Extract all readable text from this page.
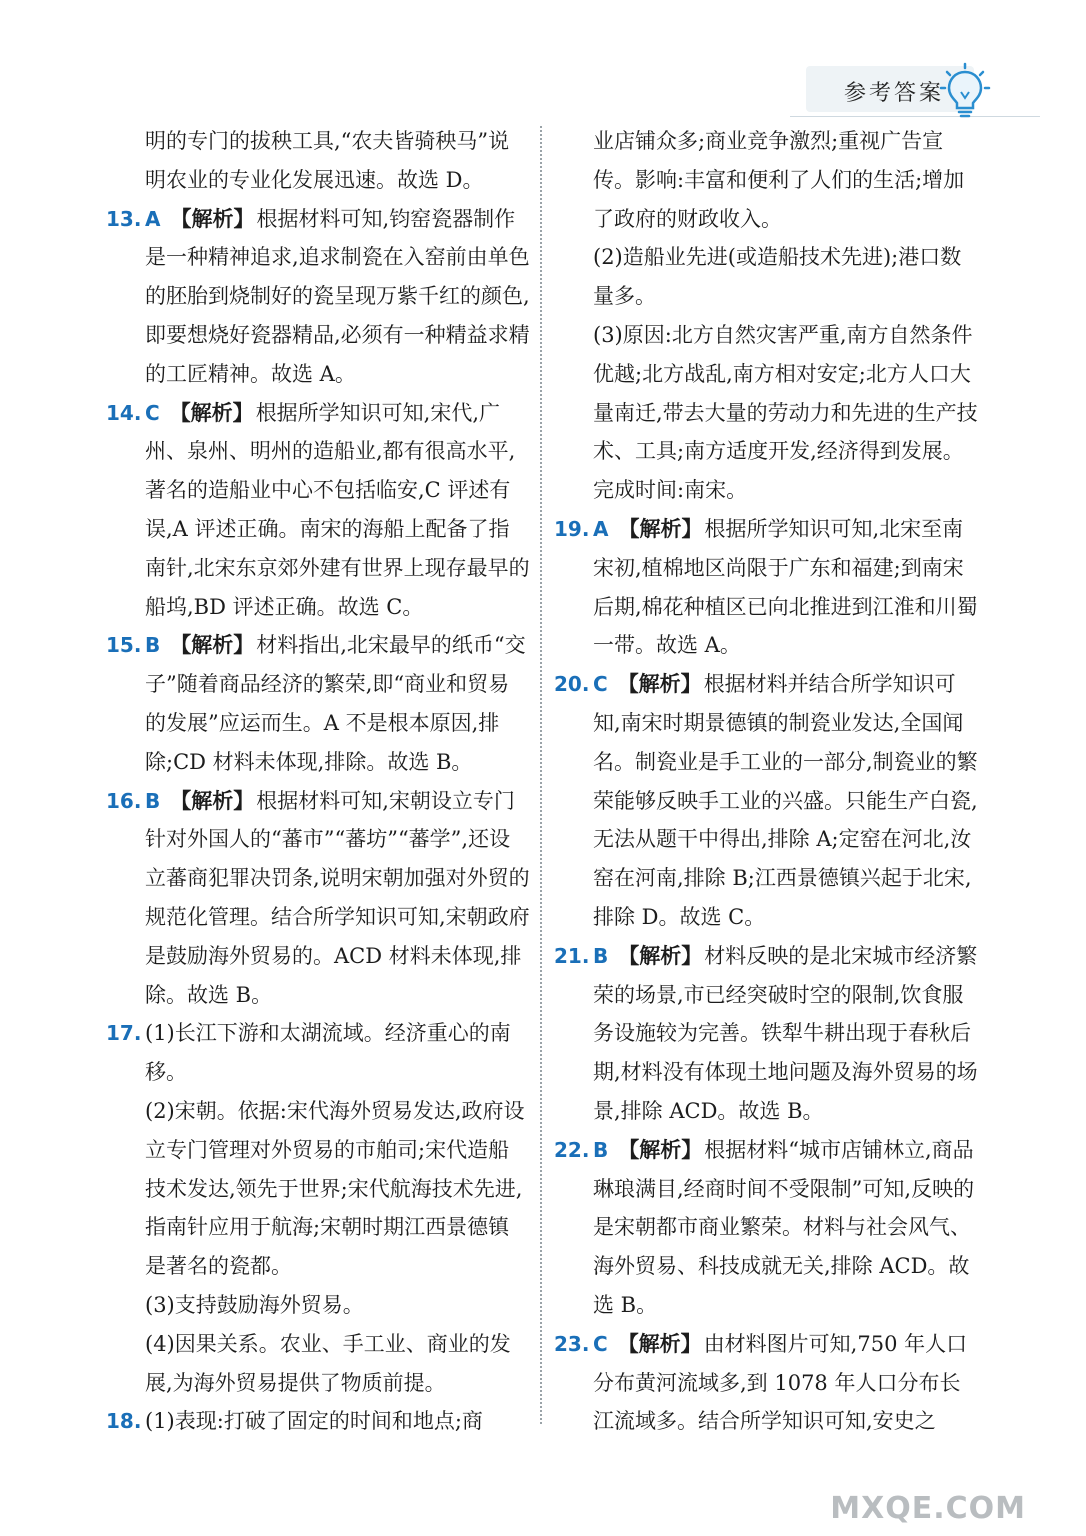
参考答案

明的专门的拔秧工具,“农夫皆骑秧马”说明农业的专业化发展迅速。故选 D。

13. A 【解析】根据材料可知,钧窑瓷器制作是一种精神追求,追求制瓷在入窑前由单色的胚胎到烧制好的瓷呈现万紫千红的颜色,即要想烧好瓷器精品,必须有一种精益求精的工匠精神。故选 A。

14. C 【解析】根据所学知识可知,宋代,广州、泉州、明州的造船业,都有很高水平,著名的造船业中心不包括临安,C 评述有误,A 评述正确。南宋的海船上配备了指南针,北宋东京郊外建有世界上现存最早的船坞,BD 评述正确。故选 C。

15. B 【解析】材料指出,北宋最早的纸币“交子”随着商品经济的繁荣,即“商业和贸易的发展”应运而生。A 不是根本原因,排除;CD 材料未体现,排除。故选 B。

16. B 【解析】根据材料可知,宋朝设立专门针对外国人的“蕃市”“蕃坊”“蕃学”,还设立蕃商犯罪决罚条,说明宋朝加强对外贸的规范化管理。结合所学知识可知,宋朝政府是鼓励海外贸易的。ACD 材料未体现,排除。故选 B。

17. (1)长江下游和太湖流域。经济重心的南移。

(2)宋朝。依据:宋代海外贸易发达,政府设立专门管理对外贸易的市舶司;宋代造船技术发达,领先于世界;宋代航海技术先进,指南针应用于航海;宋朝时期江西景德镇是著名的瓷都。

(3)支持鼓励海外贸易。

(4)因果关系。农业、手工业、商业的发展,为海外贸易提供了物质前提。

18. (1)表现:打破了固定的时间和地点;商

业店铺众多;商业竞争激烈;重视广告宣传。影响:丰富和便利了人们的生活;增加了政府的财政收入。

(2)造船业先进(或造船技术先进);港口数量多。

(3)原因:北方自然灾害严重,南方自然条件优越;北方战乱,南方相对安定;北方人口大量南迁,带去大量的劳动力和先进的生产技术、工具;南方适度开发,经济得到发展。完成时间:南宋。

19. A 【解析】根据所学知识可知,北宋至南宋初,植棉地区尚限于广东和福建;到南宋后期,棉花种植区已向北推进到江淮和川蜀一带。故选 A。

20. C 【解析】根据材料并结合所学知识可知,南宋时期景德镇的制瓷业发达,全国闻名。制瓷业是手工业的一部分,制瓷业的繁荣能够反映手工业的兴盛。只能生产白瓷,无法从题干中得出,排除 A;定窑在河北,汝窑在河南,排除 B;江西景德镇兴起于北宋,排除 D。故选 C。

21. B 【解析】材料反映的是北宋城市经济繁荣的场景,市已经突破时空的限制,饮食服务设施较为完善。铁犁牛耕出现于春秋后期,材料没有体现土地问题及海外贸易的场景,排除 ACD。故选 B。

22. B 【解析】根据材料“城市店铺林立,商品琳琅满目,经商时间不受限制”可知,反映的是宋朝都市商业繁荣。材料与社会风气、海外贸易、科技成就无关,排除 ACD。故选 B。

23. C 【解析】由材料图片可知,750 年人口分布黄河流域多,到 1078 年人口分布长江流域多。结合所学知识可知,安史之

MXQE.COM
